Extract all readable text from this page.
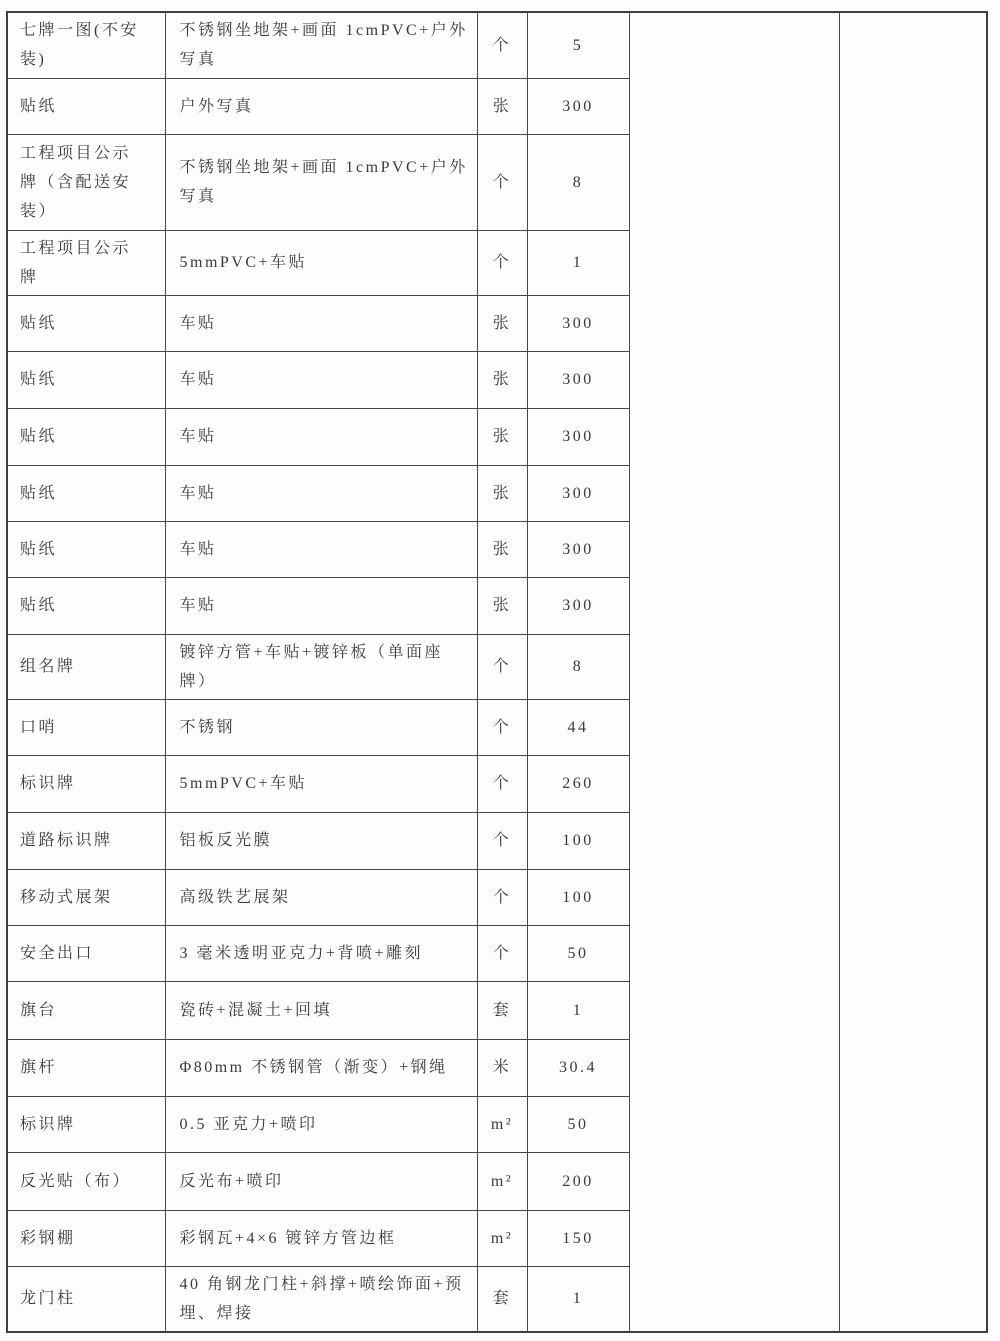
七牌一图(不安装)	不锈钢坐地架+画面 1cmPVC+户外写真	个	5		
贴纸	户外写真	张	300		
工程项目公示牌（含配送安装）	不锈钢坐地架+画面 1cmPVC+户外写真	个	8		
工程项目公示牌	5mmPVC+车贴	个	1		
贴纸	车贴	张	300		
贴纸	车贴	张	300		
贴纸	车贴	张	300		
贴纸	车贴	张	300		
贴纸	车贴	张	300		
贴纸	车贴	张	300		
组名牌	镀锌方管+车贴+镀锌板（单面座牌）	个	8		
口哨	不锈钢	个	44		
标识牌	5mmPVC+车贴	个	260		
道路标识牌	铝板反光膜	个	100		
移动式展架	高级铁艺展架	个	100		
安全出口	3 毫米透明亚克力+背喷+雕刻	个	50		
旗台	瓷砖+混凝土+回填	套	1		
旗杆	Φ80mm 不锈钢管（渐变）+钢绳	米	30.4		
标识牌	0.5 亚克力+喷印	m²	50		
反光贴（布）	反光布+喷印	m²	200		
彩钢棚	彩钢瓦+4×6 镀锌方管边框	m²	150		
龙门柱	40 角钢龙门柱+斜撑+喷绘饰面+预埋、焊接	套	1		
